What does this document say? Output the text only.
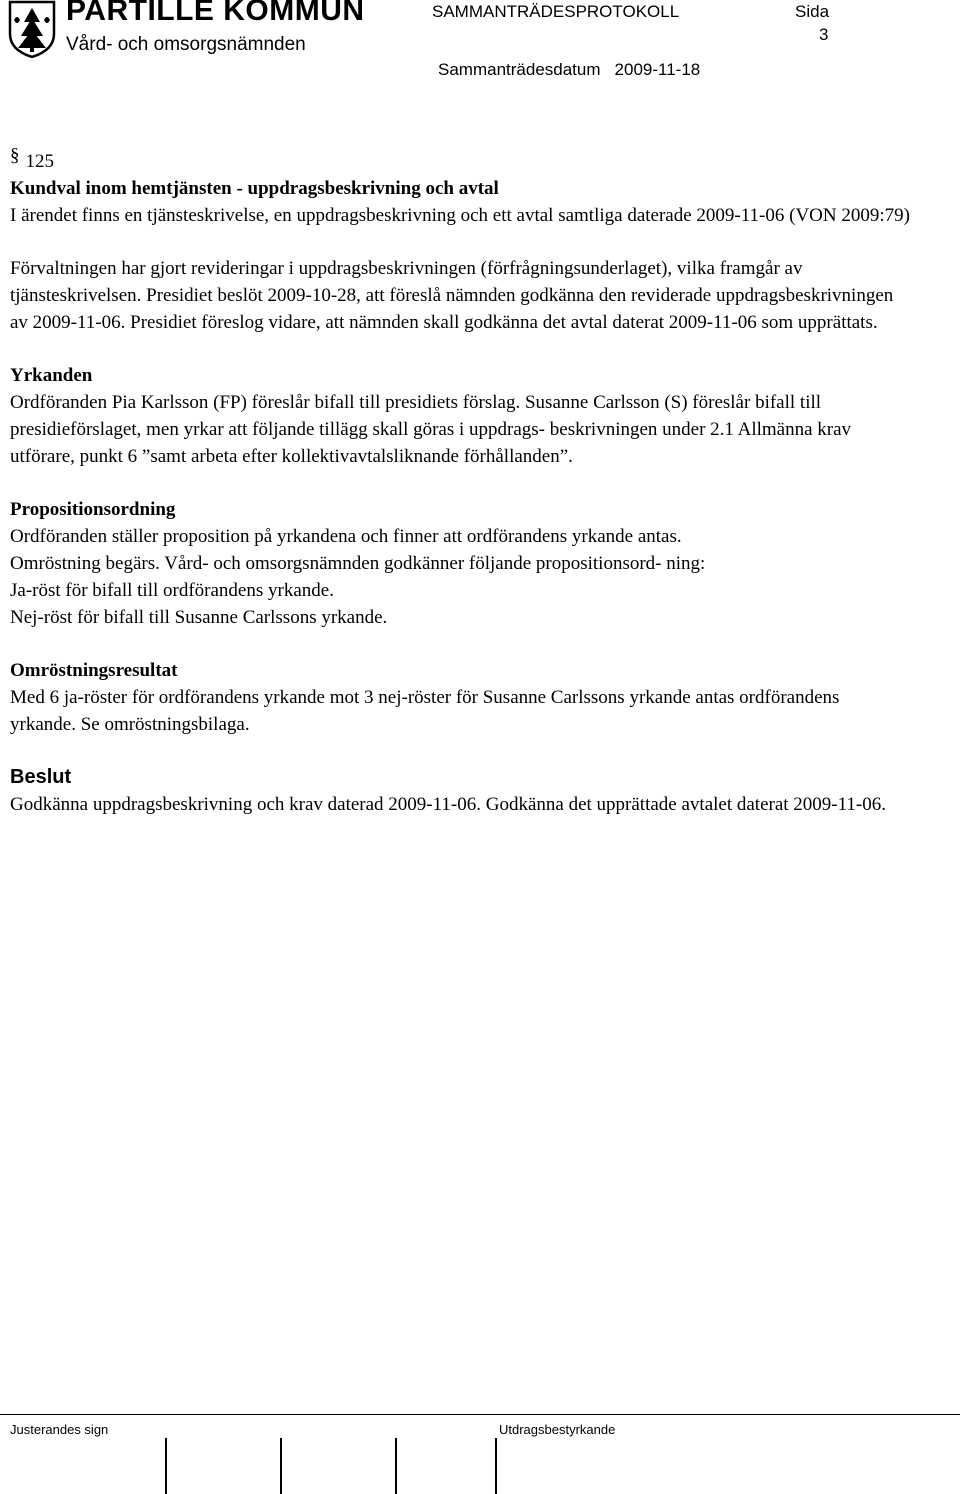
PARTILLE KOMMUN
Vård- och omsorgsnämnden
SAMMANTRÄDESPROTOKOLL	Sida
3
Sammanträdesdatum 2009-11-18

§ 125

Kundval inom hemtjänsten - uppdragsbeskrivning och avtal

I ärendet finns en tjänsteskrivelse, en uppdragsbeskrivning och ett avtal samtliga daterade 2009-11-06 (VON 2009:79)

Förvaltningen har gjort revideringar i uppdragsbeskrivningen (förfrågningsunderlaget), vilka framgår av tjänsteskrivelsen. Presidiet beslöt 2009-10-28, att föreslå nämnden godkänna den reviderade uppdragsbeskrivningen av 2009-11-06. Presidiet föreslog vidare, att nämnden skall godkänna det avtal daterat 2009-11-06 som upprättats.

Yrkanden

Ordföranden Pia Karlsson (FP) föreslår bifall till presidiets förslag. Susanne Carlsson (S) föreslår bifall till presidieförslaget, men yrkar att följande tillägg skall göras i uppdrags- beskrivningen under 2.1 Allmänna krav utförare, punkt 6 ”samt arbeta efter kollektivavtalsliknande förhållanden”.

Propositionsordning

Ordföranden ställer proposition på yrkandena och finner att ordförandens yrkande antas.

Omröstning begärs. Vård- och omsorgsnämnden godkänner följande propositionsord- ning:

Ja-röst för bifall till ordförandens yrkande.

Nej-röst för bifall till Susanne Carlssons yrkande.

Omröstningsresultat

Med 6 ja-röster för ordförandens yrkande mot 3 nej-röster för Susanne Carlssons yrkande antas ordförandens yrkande. Se omröstningsbilaga.

Beslut

Godkänna uppdragsbeskrivning och krav daterad 2009-11-06. Godkänna det upprättade avtalet daterat 2009-11-06.

Justerandes sign	Utdragsbestyrkande
